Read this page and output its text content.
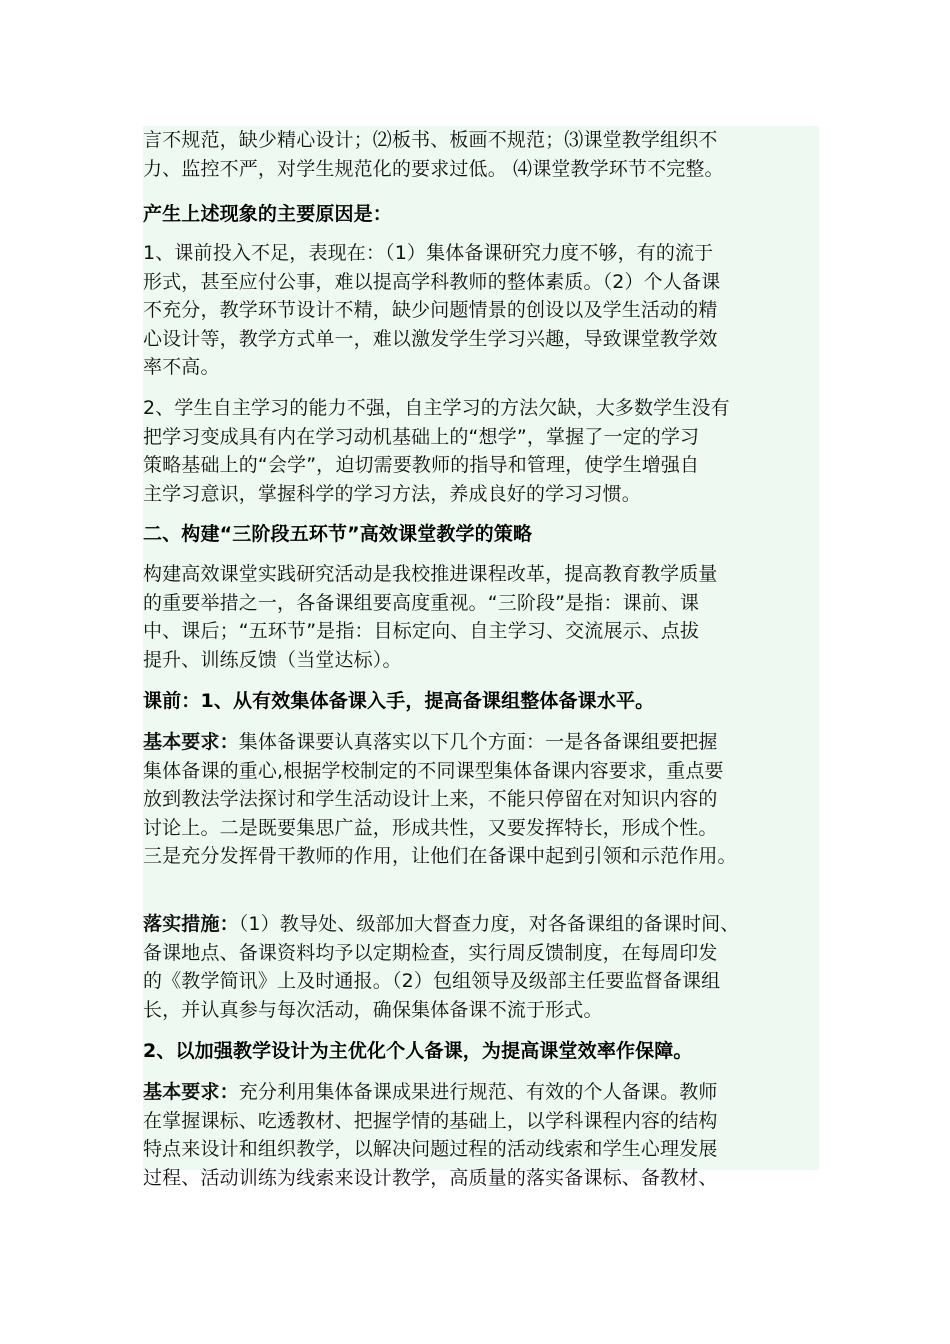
言不规范，缺少精心设计；⑵板书、板画不规范；⑶课堂教学组织不
力、监控不严，对学生规范化的要求过低。 ⑷课堂教学环节不完整。

产生上述现象的主要原因是：

1、课前投入不足，表现在：（1）集体备课研究力度不够，有的流于
形式，甚至应付公事，难以提高学科教师的整体素质。（2）个人备课
不充分，教学环节设计不精，缺少问题情景的创设以及学生活动的精
心设计等，教学方式单一，难以激发学生学习兴趣，导致课堂教学效
率不高。

2、学生自主学习的能力不强，自主学习的方法欠缺，大多数学生没有
把学习变成具有内在学习动机基础上的“想学”，掌握了一定的学习
策略基础上的“会学”，迫切需要教师的指导和管理，使学生增强自
主学习意识，掌握科学的学习方法，养成良好的学习习惯。

二、构建“三阶段五环节”高效课堂教学的策略

构建高效课堂实践研究活动是我校推进课程改革，提高教育教学质量
的重要举措之一，各备课组要高度重视。“三阶段”是指：课前、课
中、课后；“五环节”是指：目标定向、自主学习、交流展示、点拔
提升、训练反馈（当堂达标）。

课前：1、从有效集体备课入手，提高备课组整体备课水平。

基本要求：集体备课要认真落实以下几个方面：一是各备课组要把握
集体备课的重心,根据学校制定的不同课型集体备课内容要求，重点要
放到教法学法探讨和学生活动设计上来，不能只停留在对知识内容的
讨论上。二是既要集思广益，形成共性，又要发挥特长，形成个性。
三是充分发挥骨干教师的作用，让他们在备课中起到引领和示范作用。

落实措施：（1）教导处、级部加大督查力度，对各备课组的备课时间、
备课地点、备课资料均予以定期检查，实行周反馈制度，在每周印发
的《教学简讯》上及时通报。（2）包组领导及级部主任要监督备课组
长，并认真参与每次活动，确保集体备课不流于形式。

2、以加强教学设计为主优化个人备课，为提高课堂效率作保障。

基本要求：充分利用集体备课成果进行规范、有效的个人备课。教师
在掌握课标、吃透教材、把握学情的基础上，以学科课程内容的结构
特点来设计和组织教学，以解决问题过程的活动线索和学生心理发展
过程、活动训练为线索来设计教学，高质量的落实备课标、备教材、
